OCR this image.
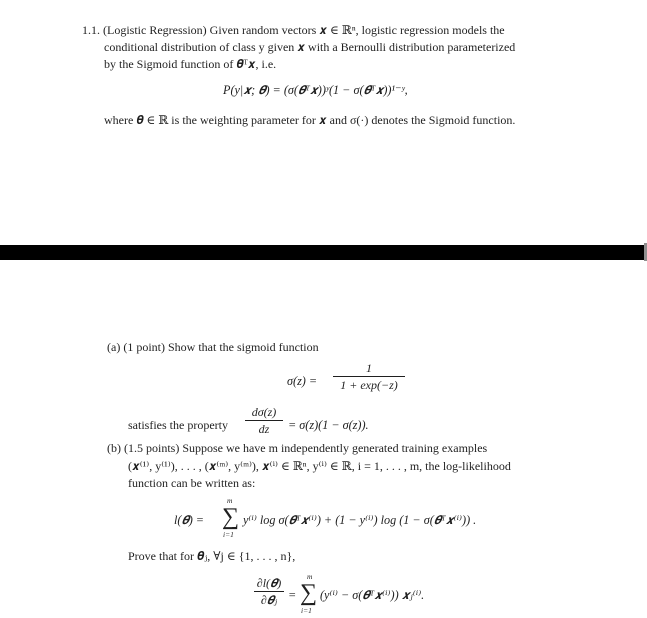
1.1. (Logistic Regression) Given random vectors 𝒙 ∈ ℝⁿ, logistic regression models the
conditional distribution of class y given 𝒙 with a Bernoulli distribution parameterized
by the Sigmoid function of 𝜽ᵀ𝒙, i.e.
P(y|𝒙; 𝜽) = (σ(𝜽ᵀ𝒙))ʸ(1 − σ(𝜽ᵀ𝒙))¹⁻ʸ,
where 𝜽 ∈ ℝ is the weighting parameter for 𝒙 and σ(·) denotes the Sigmoid function.
(a) (1 point) Show that the sigmoid function
σ(z) =
1
1 + exp(−z)
satisfies the property
dσ(z)
dz	= σ(z)(1 − σ(z)).
(b) (1.5 points) Suppose we have m independently generated training examples
(𝒙⁽¹⁾, y⁽¹⁾), . . . , (𝒙⁽ᵐ⁾, y⁽ᵐ⁾), 𝒙⁽ⁱ⁾ ∈ ℝⁿ, y⁽ⁱ⁾ ∈ ℝ, i = 1, . . . , m, the log-likelihood
function can be written as:
l(𝜽) =
m
∑
i=1
y⁽ⁱ⁾ log σ(𝜽ᵀ𝒙⁽ⁱ⁾) + (1 − y⁽ⁱ⁾) log (1 − σ(𝜽ᵀ𝒙⁽ⁱ⁾)) .
Prove that for 𝜽ⱼ, ∀j ∈ {1, . . . , n},
∂l(𝜽)
∂𝜽ⱼ =
m
∑
i=1
(y⁽ⁱ⁾ − σ(𝜽ᵀ𝒙⁽ⁱ⁾)) 𝒙ⱼ⁽ⁱ⁾.
